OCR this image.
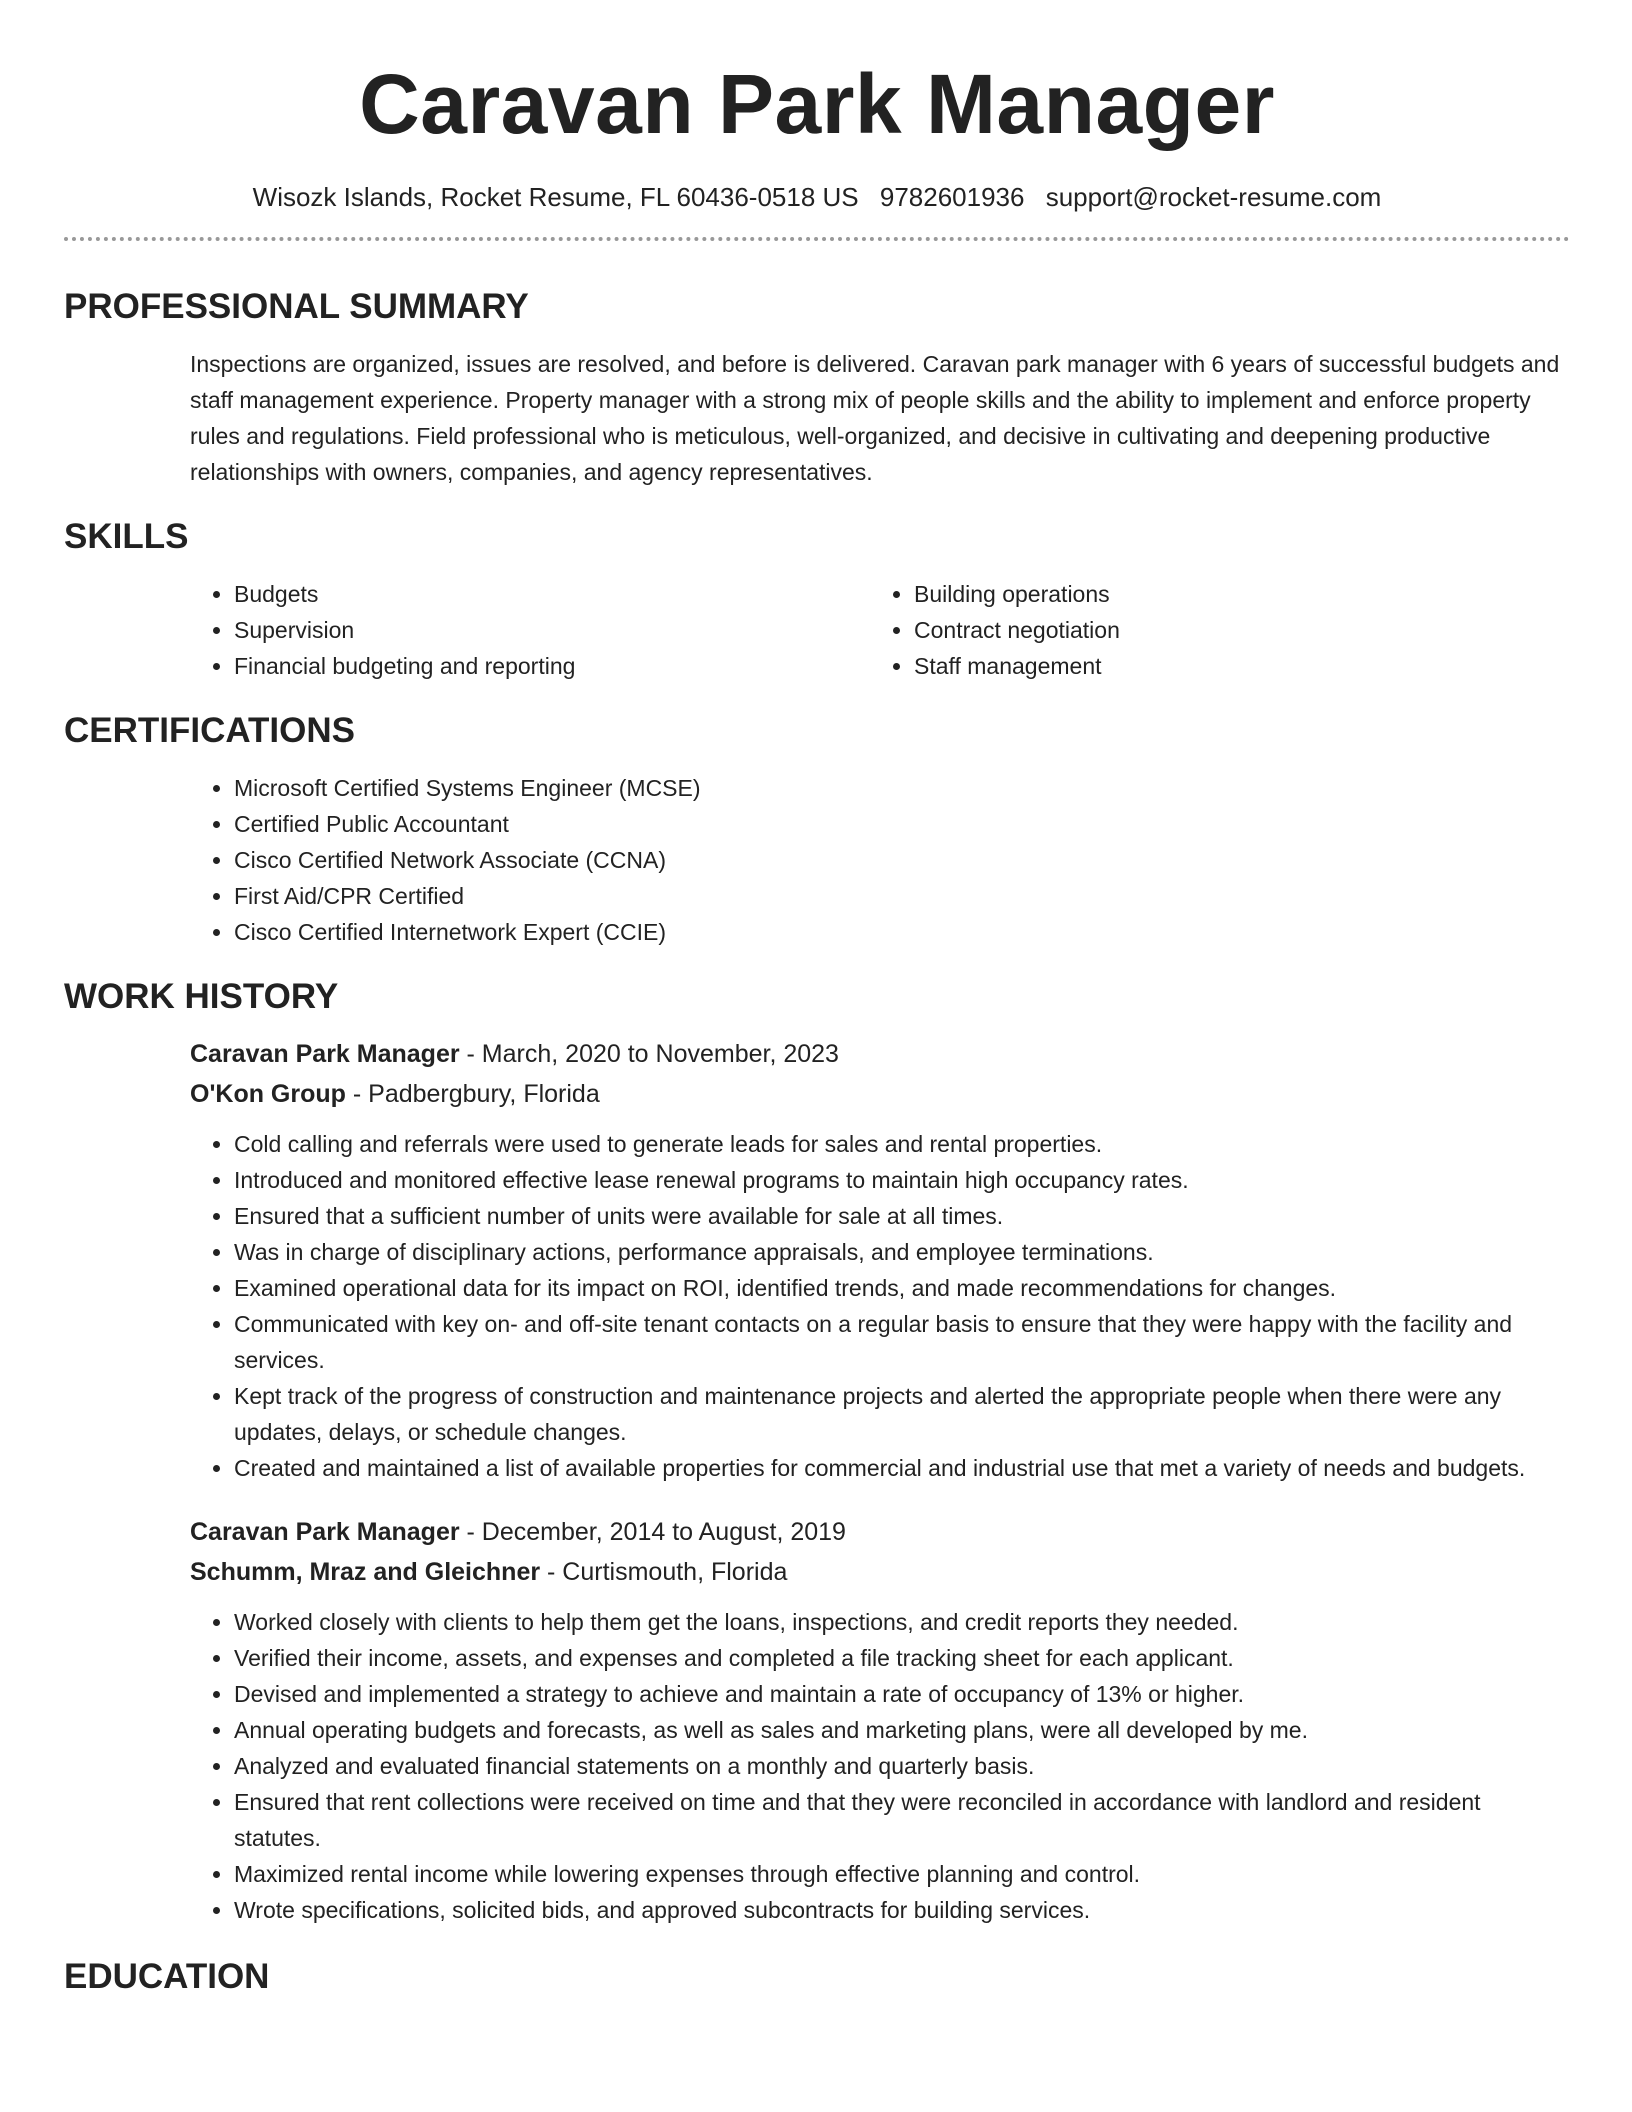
Caravan Park Manager
Wisozk Islands, Rocket Resume, FL 60436-0518 US 9782601936 support@rocket-resume.com
PROFESSIONAL SUMMARY

Inspections are organized, issues are resolved, and before is delivered. Caravan park manager with 6 years of successful budgets and staff management experience. Property manager with a strong mix of people skills and the ability to implement and enforce property rules and regulations. Field professional who is meticulous, well-organized, and decisive in cultivating and deepening productive relationships with owners, companies, and agency representatives.

SKILLS
• Budgets
• Supervision
• Financial budgeting and reporting
• Building operations
• Contract negotiation
• Staff management
CERTIFICATIONS
• Microsoft Certified Systems Engineer (MCSE)
• Certified Public Accountant
• Cisco Certified Network Associate (CCNA)
• First Aid/CPR Certified
• Cisco Certified Internetwork Expert (CCIE)
WORK HISTORY
Caravan Park Manager - March, 2020 to November, 2023
O'Kon Group - Padbergbury, Florida
• Cold calling and referrals were used to generate leads for sales and rental properties.
• Introduced and monitored effective lease renewal programs to maintain high occupancy rates.
• Ensured that a sufficient number of units were available for sale at all times.
• Was in charge of disciplinary actions, performance appraisals, and employee terminations.
• Examined operational data for its impact on ROI, identified trends, and made recommendations for changes.
• Communicated with key on- and off-site tenant contacts on a regular basis to ensure that they were happy with the facility and services.
• Kept track of the progress of construction and maintenance projects and alerted the appropriate people when there were any updates, delays, or schedule changes.
• Created and maintained a list of available properties for commercial and industrial use that met a variety of needs and budgets.
Caravan Park Manager - December, 2014 to August, 2019
Schumm, Mraz and Gleichner - Curtismouth, Florida
• Worked closely with clients to help them get the loans, inspections, and credit reports they needed.
• Verified their income, assets, and expenses and completed a file tracking sheet for each applicant.
• Devised and implemented a strategy to achieve and maintain a rate of occupancy of 13% or higher.
• Annual operating budgets and forecasts, as well as sales and marketing plans, were all developed by me.
• Analyzed and evaluated financial statements on a monthly and quarterly basis.
• Ensured that rent collections were received on time and that they were reconciled in accordance with landlord and resident statutes.
• Maximized rental income while lowering expenses through effective planning and control.
• Wrote specifications, solicited bids, and approved subcontracts for building services.
EDUCATION
